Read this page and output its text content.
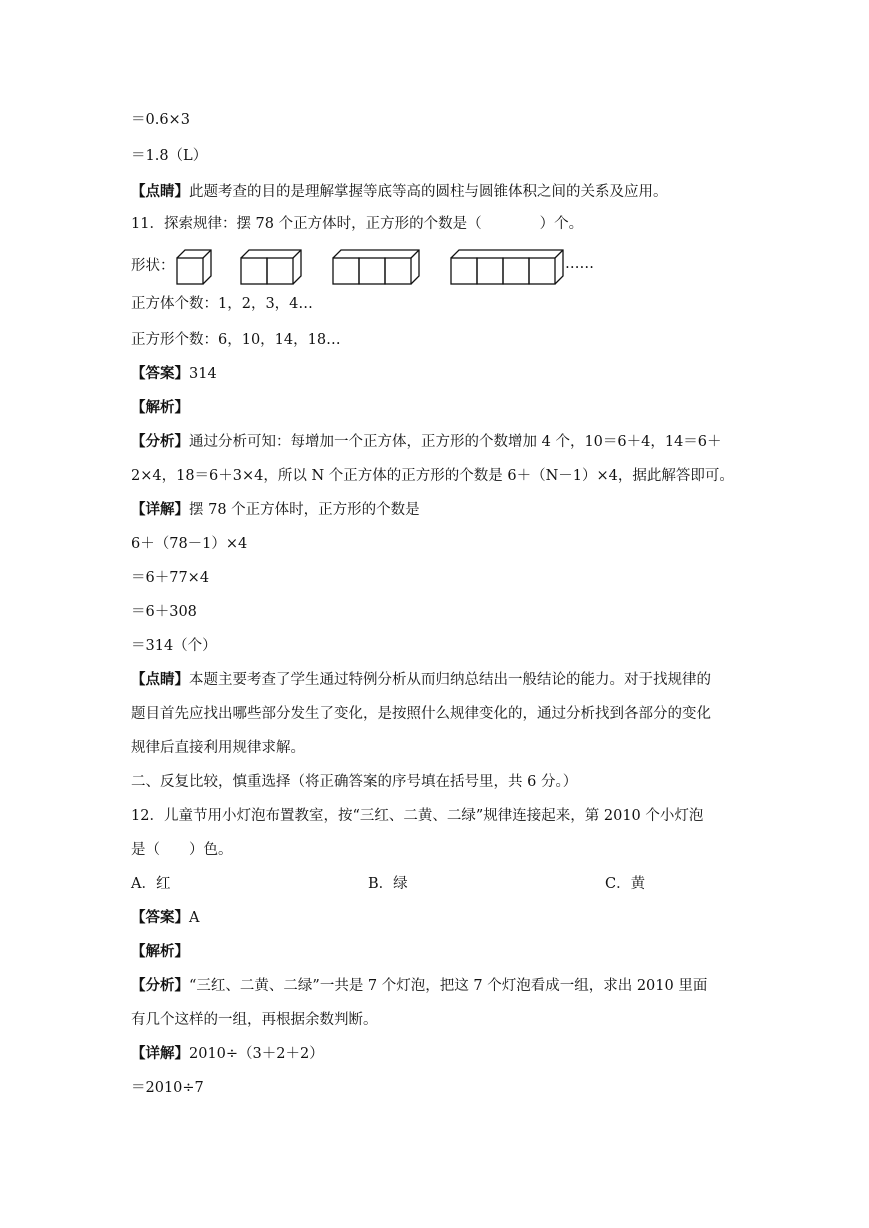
＝0.6×3
＝1.8（L）
【点睛】此题考查的目的是理解掌握等底等高的圆柱与圆锥体积之间的关系及应用。
11．探索规律：摆 78 个正方体时，正方形的个数是（　　　　）个。
形状：	……
正方体个数：1，2，3，4…
正方形个数：6，10，14，18…
【答案】314
【解析】
【分析】通过分析可知：每增加一个正方体，正方形的个数增加 4 个，10＝6＋4，14＝6＋
2×4，18＝6＋3×4，所以 N 个正方体的正方形的个数是 6＋（N－1）×4，据此解答即可。
【详解】摆 78 个正方体时，正方形的个数是
6＋（78－1）×4
＝6＋77×4
＝6＋308
＝314（个）
【点睛】本题主要考查了学生通过特例分析从而归纳总结出一般结论的能力。对于找规律的
题目首先应找出哪些部分发生了变化，是按照什么规律变化的，通过分析找到各部分的变化
规律后直接利用规律求解。
二、反复比较，慎重选择（将正确答案的序号填在括号里，共 6 分。）
12．儿童节用小灯泡布置教室，按“三红、二黄、二绿”规律连接起来，第 2010 个小灯泡
是（　　）色。
A．红	B．绿	C．黄
【答案】A
【解析】
【分析】“三红、二黄、二绿”一共是 7 个灯泡，把这 7 个灯泡看成一组，求出 2010 里面
有几个这样的一组，再根据余数判断。
【详解】2010÷（3＋2＋2）
＝2010÷7
